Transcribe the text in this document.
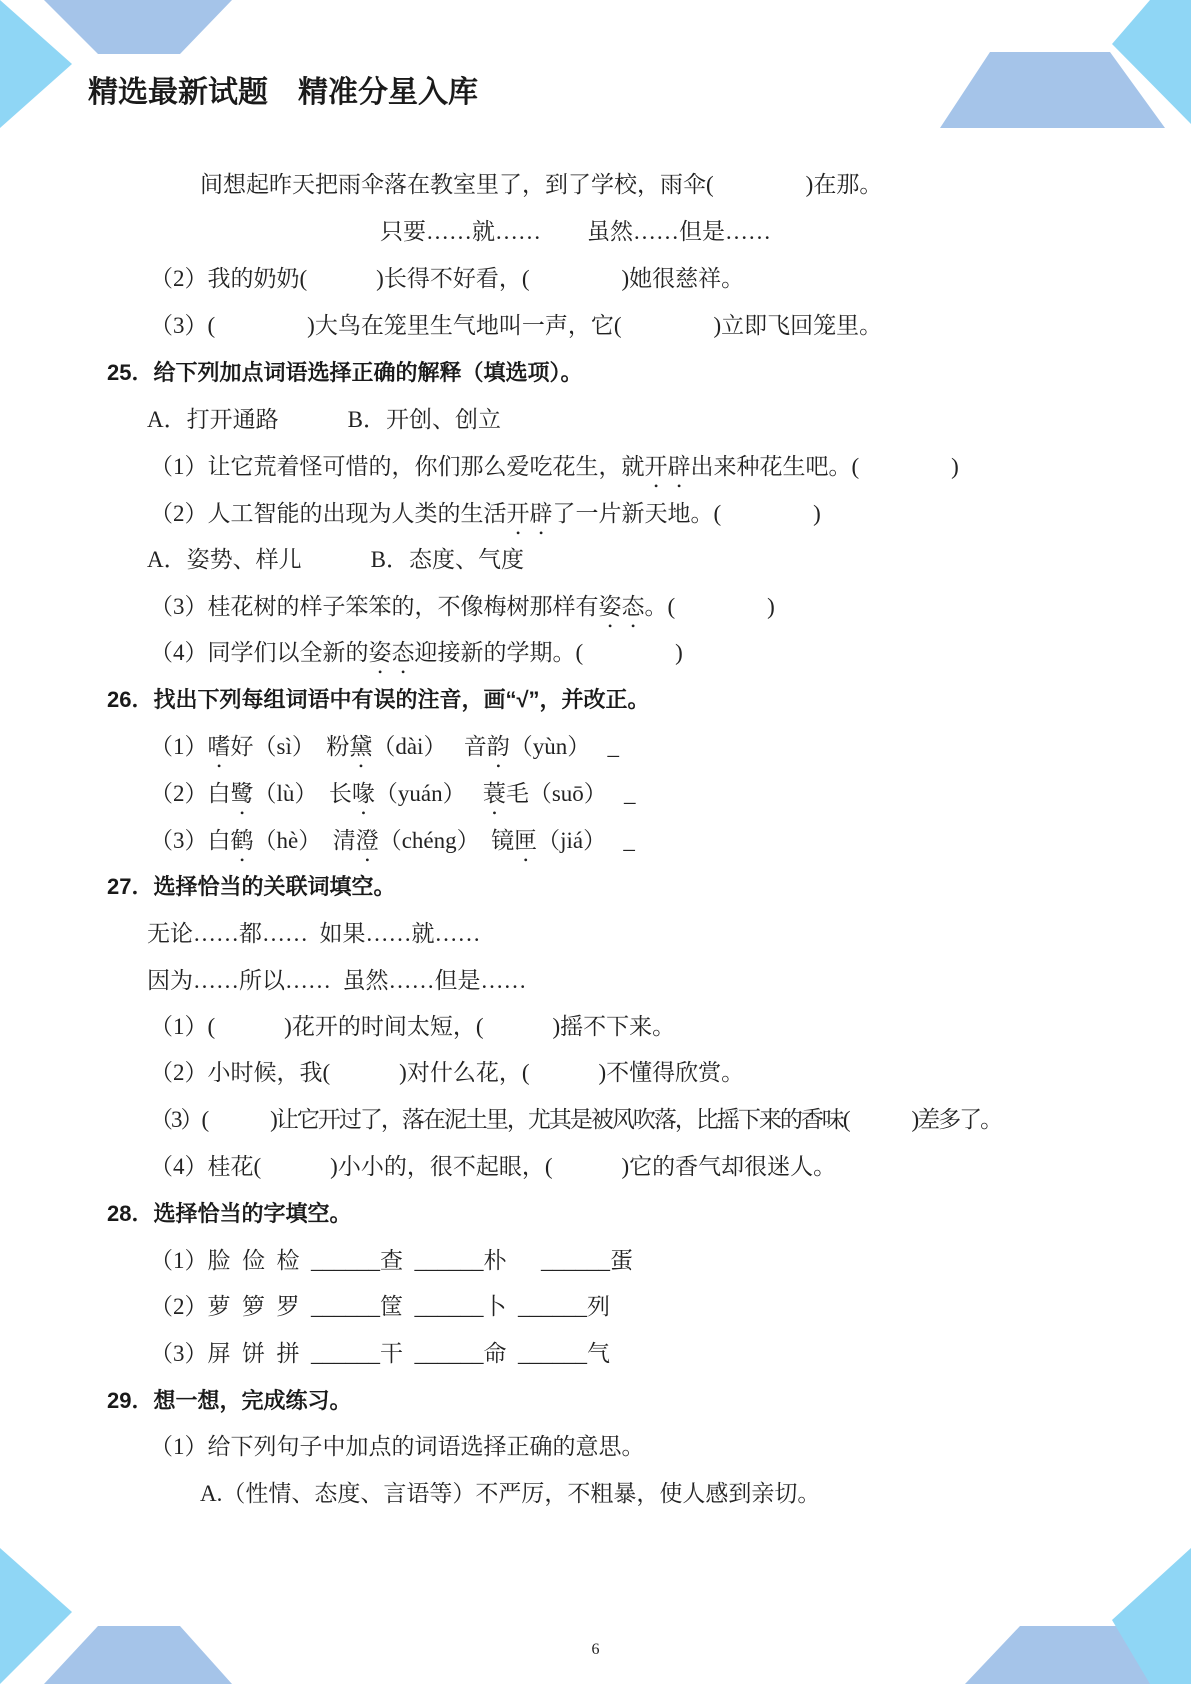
精选最新试题　精准分星入库
间想起昨天把雨伞落在教室里了，到了学校，雨伞(　　　　)在那。
只要……就……　　虽然……但是……
（2）我的奶奶(　　　)长得不好看，(　　　　)她很慈祥。
（3）(　　　　)大鸟在笼里生气地叫一声，它(　　　　)立即飞回笼里。
25．给下列加点词语选择正确的解释（填选项）。
A．打开通路　　　B．开创、创立
（1）让它荒着怪可惜的，你们那么爱吃花生，就开辟出来种花生吧。(　　　　)
（2）人工智能的出现为人类的生活开辟了一片新天地。(　　　　)
A．姿势、样儿　　　B．态度、气度
（3）桂花树的样子笨笨的，不像梅树那样有姿态。(　　　　)
（4）同学们以全新的姿态迎接新的学期。(　　　　)
26．找出下列每组词语中有误的注音，画“√”，并改正。
（1）嗜好（sì）　粉黛（dài）　 音韵（yùn）　 _
（2）白鹭（lù）　长喙（yuán）　 蓑毛（suō）　 _
（3）白鹤（hè）　清澄（chéng）　镜匣（jiá）　 _
27．选择恰当的关联词填空。
无论……都……  如果……就……
因为……所以……  虽然……但是……
（1）(　　　)花开的时间太短，(　　　)摇不下来。
（2）小时候，我(　　　)对什么花，(　　　)不懂得欣赏。
（3）(　　　)让它开过了，落在泥土里，尤其是被风吹落，比摇下来的香味(　　　)差多了。
（4）桂花(　　　)小小的，很不起眼，(　　　)它的香气却很迷人。
28．选择恰当的字填空。
（1）脸  俭  检  ______查  ______朴      ______蛋
（2）萝  箩  罗  ______筐  ______卜  ______列
（3）屏  饼  拼  ______干  ______命  ______气
29．想一想，完成练习。
（1）给下列句子中加点的词语选择正确的意思。
A.（性情、态度、言语等）不严厉，不粗暴，使人感到亲切。
6
